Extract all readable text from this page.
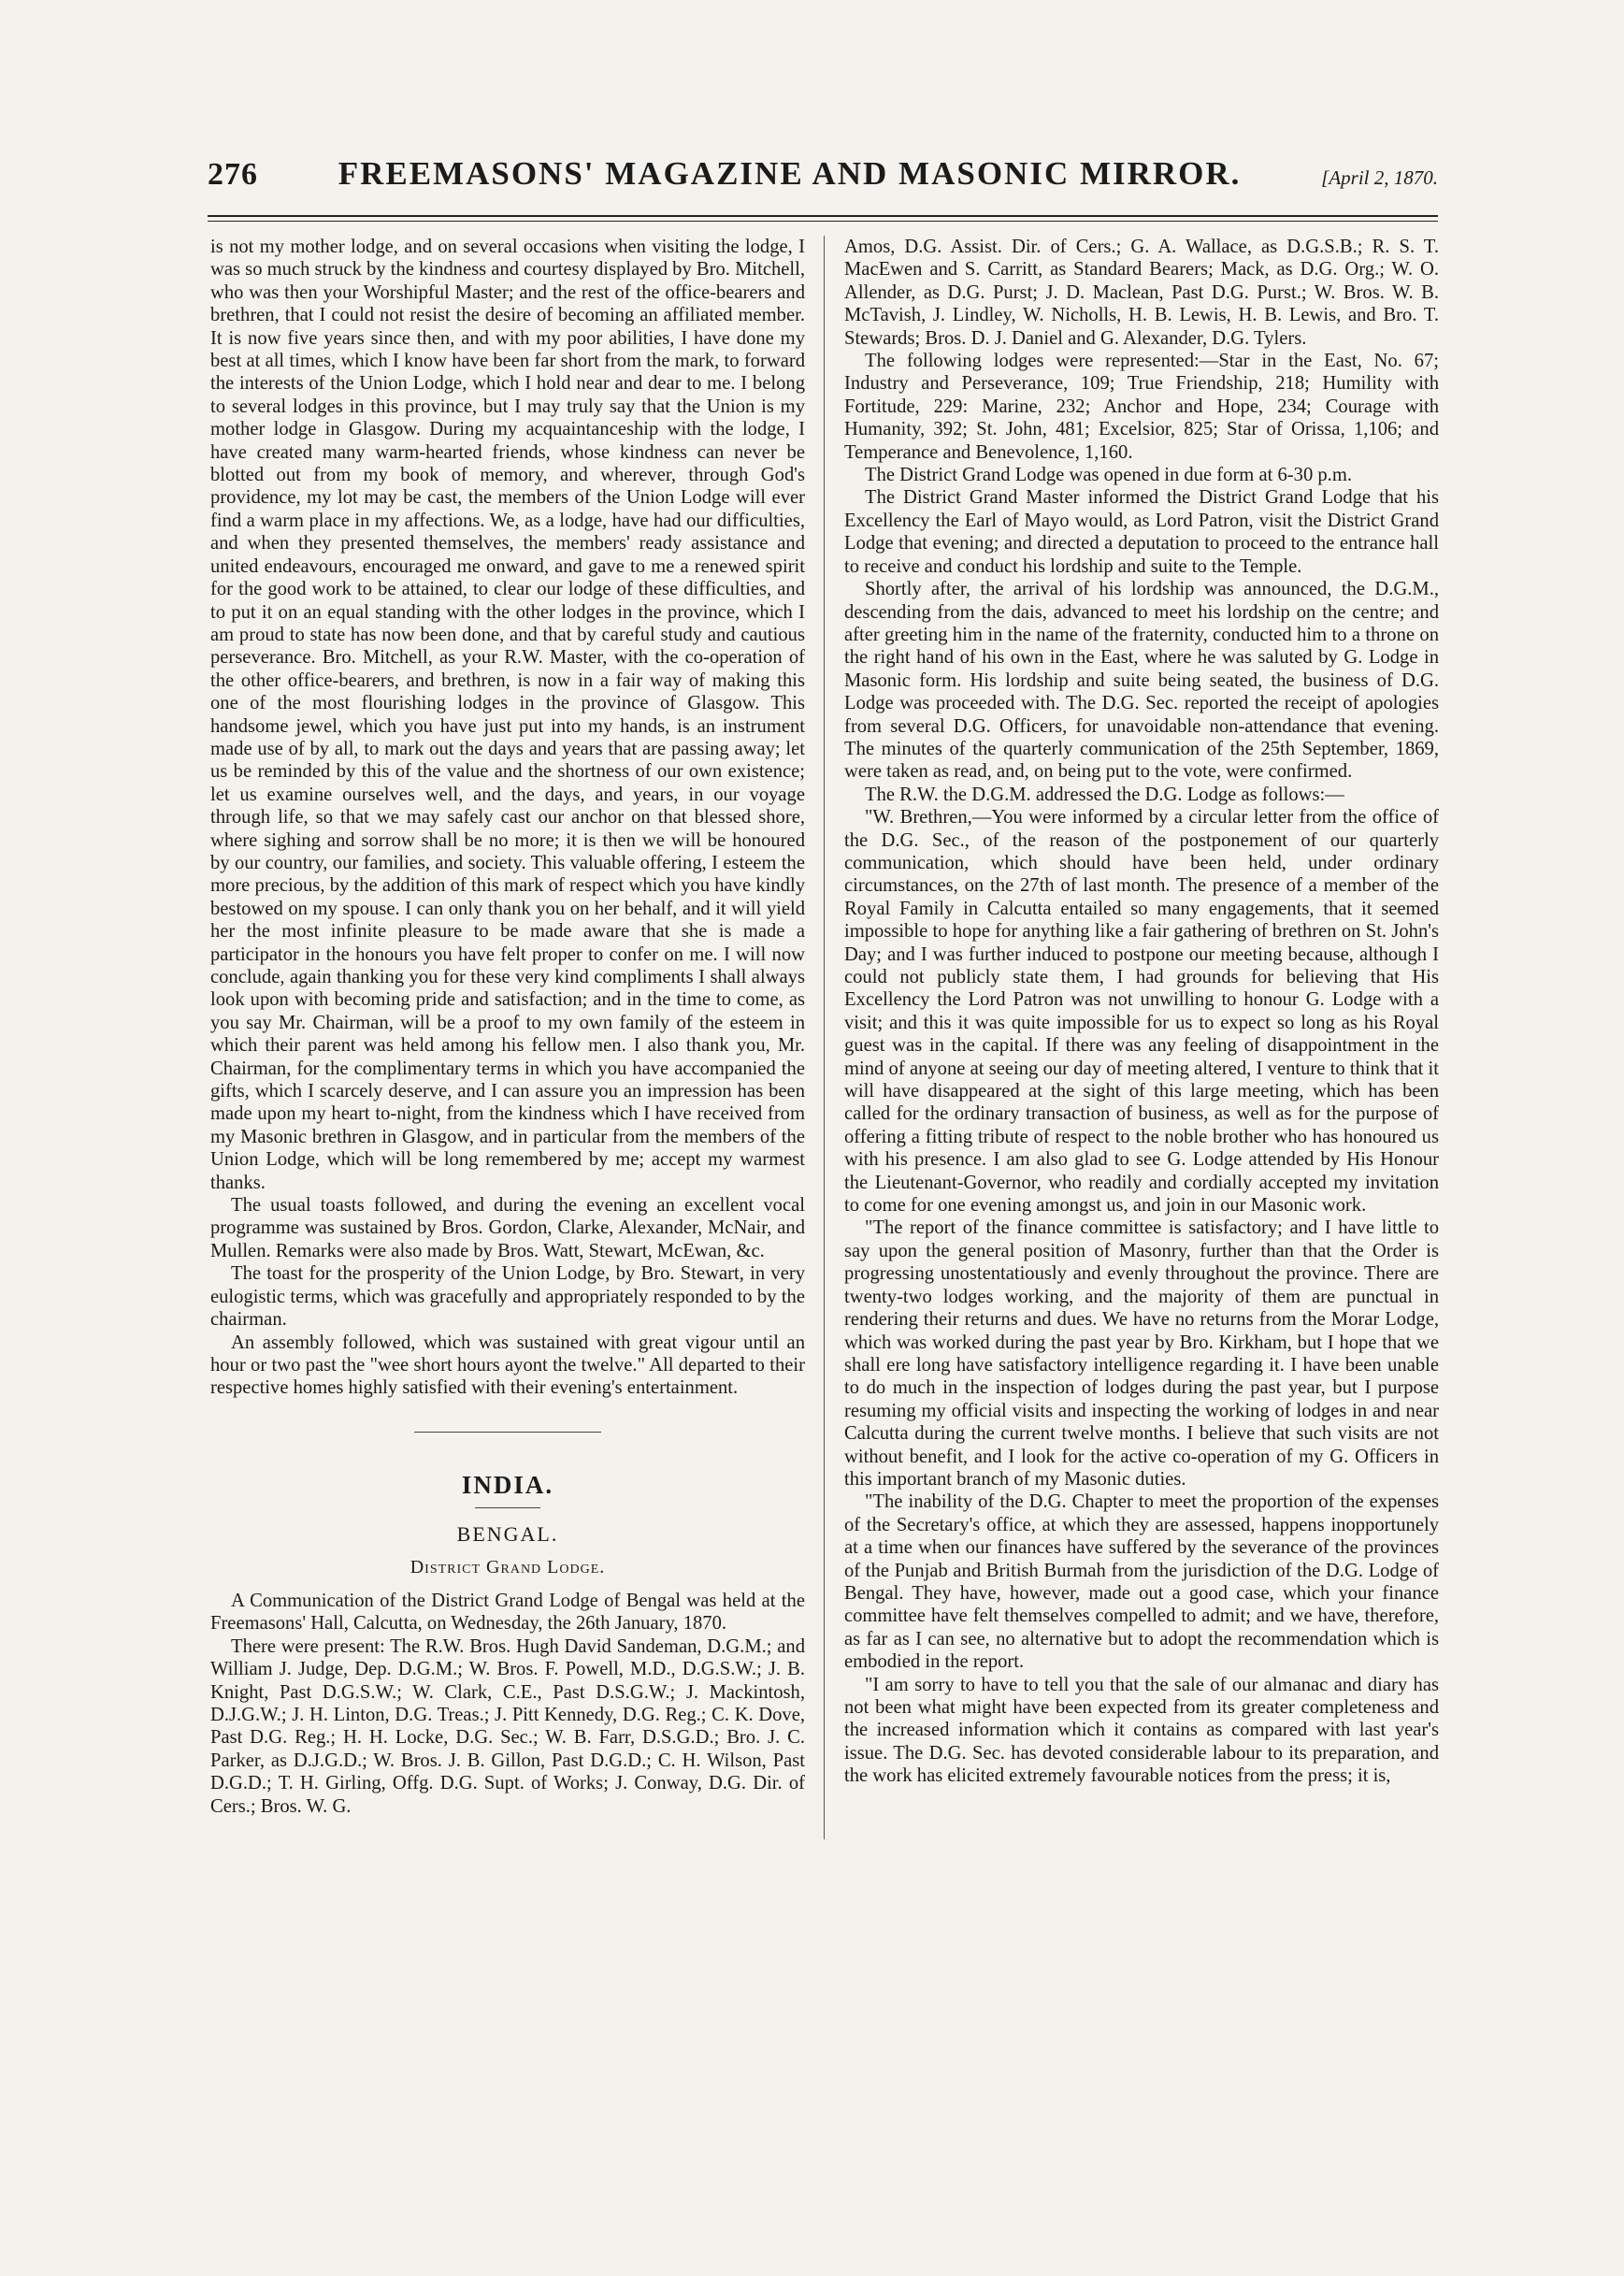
276 FREEMASONS' MAGAZINE AND MASONIC MIRROR.	[April 2, 1870.

is not my mother lodge, and on several occasions when visiting the lodge, I was so much struck by the kindness and courtesy displayed by Bro. Mitchell, who was then your Worshipful Master; and the rest of the office-bearers and brethren, that I could not resist the desire of becoming an affiliated member. It is now five years since then, and with my poor abilities, I have done my best at all times, which I know have been far short from the mark, to forward the interests of the Union Lodge, which I hold near and dear to me. I belong to several lodges in this province, but I may truly say that the Union is my mother lodge in Glasgow. During my acquaintanceship with the lodge, I have created many warm-hearted friends, whose kindness can never be blotted out from my book of memory, and wherever, through God's providence, my lot may be cast, the members of the Union Lodge will ever find a warm place in my affections. We, as a lodge, have had our difficulties, and when they presented themselves, the members' ready assistance and united endeavours, encouraged me onward, and gave to me a renewed spirit for the good work to be attained, to clear our lodge of these difficulties, and to put it on an equal standing with the other lodges in the province, which I am proud to state has now been done, and that by careful study and cautious perseverance. Bro. Mitchell, as your R.W. Master, with the co-operation of the other office-bearers, and brethren, is now in a fair way of making this one of the most flourishing lodges in the province of Glasgow. This handsome jewel, which you have just put into my hands, is an instrument made use of by all, to mark out the days and years that are passing away; let us be reminded by this of the value and the shortness of our own existence; let us examine ourselves well, and the days, and years, in our voyage through life, so that we may safely cast our anchor on that blessed shore, where sighing and sorrow shall be no more; it is then we will be honoured by our country, our families, and society. This valuable offering, I esteem the more precious, by the addition of this mark of respect which you have kindly bestowed on my spouse. I can only thank you on her behalf, and it will yield her the most infinite pleasure to be made aware that she is made a participator in the honours you have felt proper to confer on me. I will now conclude, again thanking you for these very kind compliments I shall always look upon with becoming pride and satisfaction; and in the time to come, as you say Mr. Chairman, will be a proof to my own family of the esteem in which their parent was held among his fellow men. I also thank you, Mr. Chairman, for the complimentary terms in which you have accompanied the gifts, which I scarcely deserve, and I can assure you an impression has been made upon my heart to-night, from the kindness which I have received from my Masonic brethren in Glasgow, and in particular from the members of the Union Lodge, which will be long remembered by me; accept my warmest thanks.

The usual toasts followed, and during the evening an excellent vocal programme was sustained by Bros. Gordon, Clarke, Alexander, McNair, and Mullen. Remarks were also made by Bros. Watt, Stewart, McEwan, &c.

The toast for the prosperity of the Union Lodge, by Bro. Stewart, in very eulogistic terms, which was gracefully and appropriately responded to by the chairman.

An assembly followed, which was sustained with great vigour until an hour or two past the "wee short hours ayont the twelve." All departed to their respective homes highly satisfied with their evening's entertainment.

INDIA.
BENGAL.
District Grand Lodge.

A Communication of the District Grand Lodge of Bengal was held at the Freemasons' Hall, Calcutta, on Wednesday, the 26th January, 1870.

There were present: The R.W. Bros. Hugh David Sandeman, D.G.M.; and William J. Judge, Dep. D.G.M.; W. Bros. F. Powell, M.D., D.G.S.W.; J. B. Knight, Past D.G.S.W.; W. Clark, C.E., Past D.S.G.W.; J. Mackintosh, D.J.G.W.; J. H. Linton, D.G. Treas.; J. Pitt Kennedy, D.G. Reg.; C. K. Dove, Past D.G. Reg.; H. H. Locke, D.G. Sec.; W. B. Farr, D.S.G.D.; Bro. J. C. Parker, as D.J.G.D.; W. Bros. J. B. Gillon, Past D.G.D.; C. H. Wilson, Past D.G.D.; T. H. Girling, Offg. D.G. Supt. of Works; J. Conway, D.G. Dir. of Cers.; Bros. W. G.

Amos, D.G. Assist. Dir. of Cers.; G. A. Wallace, as D.G.S.B.; R. S. T. MacEwen and S. Carritt, as Standard Bearers; Mack, as D.G. Org.; W. O. Allender, as D.G. Purst; J. D. Maclean, Past D.G. Purst.; W. Bros. W. B. McTavish, J. Lindley, W. Nicholls, H. B. Lewis, H. B. Lewis, and Bro. T. Stewards; Bros. D. J. Daniel and G. Alexander, D.G. Tylers.

The following lodges were represented:—Star in the East, No. 67; Industry and Perseverance, 109; True Friendship, 218; Humility with Fortitude, 229: Marine, 232; Anchor and Hope, 234; Courage with Humanity, 392; St. John, 481; Excelsior, 825; Star of Orissa, 1,106; and Temperance and Benevolence, 1,160.

The District Grand Lodge was opened in due form at 6-30 p.m.

The District Grand Master informed the District Grand Lodge that his Excellency the Earl of Mayo would, as Lord Patron, visit the District Grand Lodge that evening; and directed a deputation to proceed to the entrance hall to receive and conduct his lordship and suite to the Temple.

Shortly after, the arrival of his lordship was announced, the D.G.M., descending from the dais, advanced to meet his lordship on the centre; and after greeting him in the name of the fraternity, conducted him to a throne on the right hand of his own in the East, where he was saluted by G. Lodge in Masonic form. His lordship and suite being seated, the business of D.G. Lodge was proceeded with. The D.G. Sec. reported the receipt of apologies from several D.G. Officers, for unavoidable non-attendance that evening. The minutes of the quarterly communication of the 25th September, 1869, were taken as read, and, on being put to the vote, were confirmed.

The R.W. the D.G.M. addressed the D.G. Lodge as follows:—

"W. Brethren,—You were informed by a circular letter from the office of the D.G. Sec., of the reason of the postponement of our quarterly communication, which should have been held, under ordinary circumstances, on the 27th of last month. The presence of a member of the Royal Family in Calcutta entailed so many engagements, that it seemed impossible to hope for anything like a fair gathering of brethren on St. John's Day; and I was further induced to postpone our meeting because, although I could not publicly state them, I had grounds for believing that His Excellency the Lord Patron was not unwilling to honour G. Lodge with a visit; and this it was quite impossible for us to expect so long as his Royal guest was in the capital. If there was any feeling of disappointment in the mind of anyone at seeing our day of meeting altered, I venture to think that it will have disappeared at the sight of this large meeting, which has been called for the ordinary transaction of business, as well as for the purpose of offering a fitting tribute of respect to the noble brother who has honoured us with his presence. I am also glad to see G. Lodge attended by His Honour the Lieutenant-Governor, who readily and cordially accepted my invitation to come for one evening amongst us, and join in our Masonic work.

"The report of the finance committee is satisfactory; and I have little to say upon the general position of Masonry, further than that the Order is progressing unostentatiously and evenly throughout the province. There are twenty-two lodges working, and the majority of them are punctual in rendering their returns and dues. We have no returns from the Morar Lodge, which was worked during the past year by Bro. Kirkham, but I hope that we shall ere long have satisfactory intelligence regarding it. I have been unable to do much in the inspection of lodges during the past year, but I purpose resuming my official visits and inspecting the working of lodges in and near Calcutta during the current twelve months. I believe that such visits are not without benefit, and I look for the active co-operation of my G. Officers in this important branch of my Masonic duties.

"The inability of the D.G. Chapter to meet the proportion of the expenses of the Secretary's office, at which they are assessed, happens inopportunely at a time when our finances have suffered by the severance of the provinces of the Punjab and British Burmah from the jurisdiction of the D.G. Lodge of Bengal. They have, however, made out a good case, which your finance committee have felt themselves compelled to admit; and we have, therefore, as far as I can see, no alternative but to adopt the recommendation which is embodied in the report.

"I am sorry to have to tell you that the sale of our almanac and diary has not been what might have been expected from its greater completeness and the increased information which it contains as compared with last year's issue. The D.G. Sec. has devoted considerable labour to its preparation, and the work has elicited extremely favourable notices from the press; it is,
